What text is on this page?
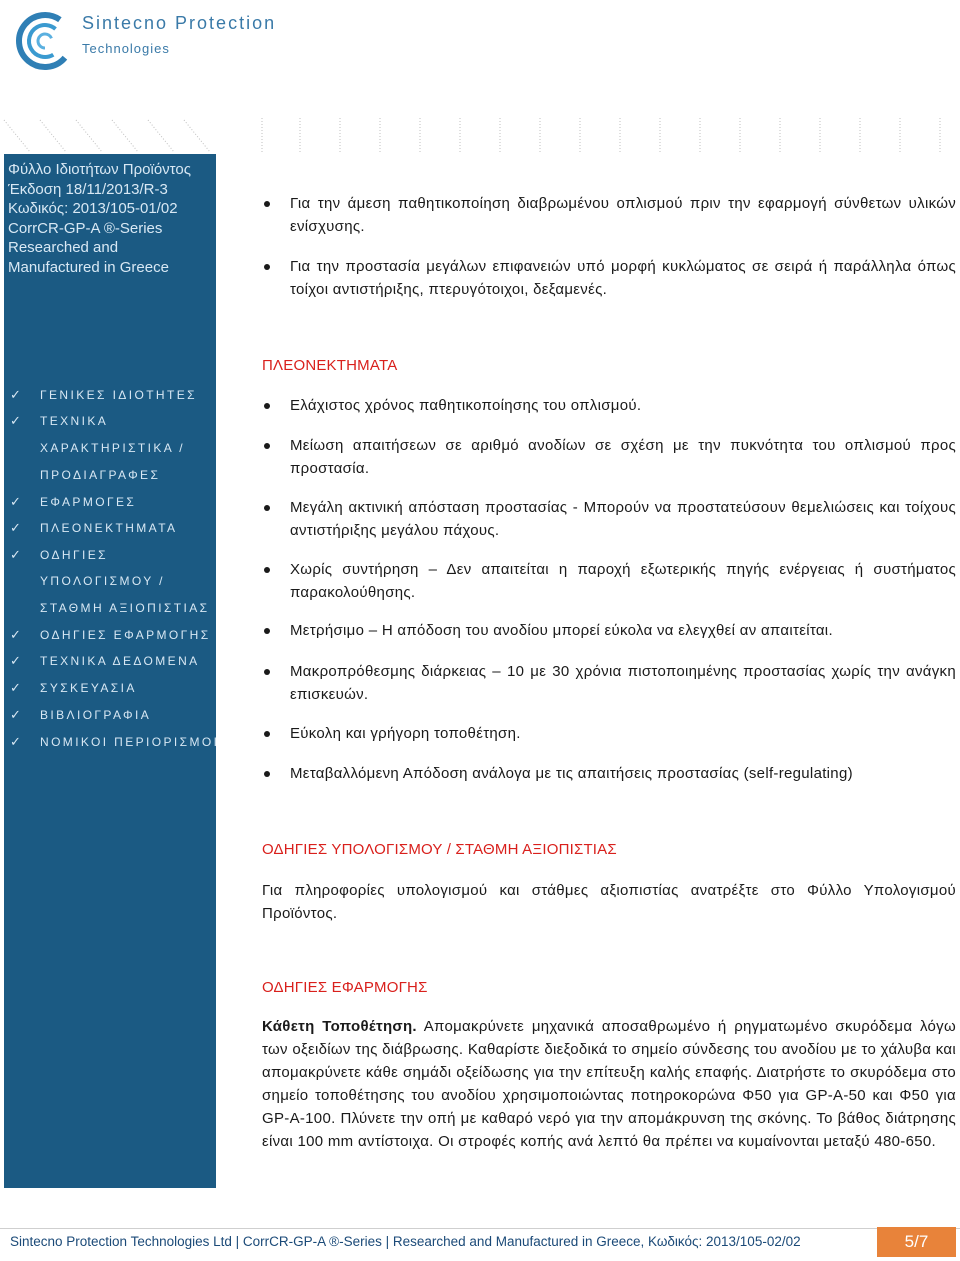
Sintecno Protection
Technologies
Φύλλο Ιδιοτήτων Προϊόντος
Έκδοση 18/11/2013/R-3
Κωδικός: 2013/105-01/02
CorrCR-GP-A ®-Series
Researched and
Manufactured in Greece
✓ ΓΕΝΙΚΕΣ ΙΔΙΟΤΗΤΕΣ
✓ ΤΕΧΝΙΚΑ
ΧΑΡΑΚΤΗΡΙΣΤΙΚΑ /
ΠΡΟΔΙΑΓΡΑΦΕΣ
✓ ΕΦΑΡΜΟΓΕΣ
✓ ΠΛΕΟΝΕΚΤΗΜΑΤΑ
✓ ΟΔΗΓΙΕΣ
ΥΠΟΛΟΓΙΣΜΟΥ /
ΣΤΑΘΜΗ ΑΞΙΟΠΙΣΤΙΑΣ
✓ ΟΔΗΓΙΕΣ ΕΦΑΡΜΟΓΗΣ
✓ ΤΕΧΝΙΚΑ ΔΕΔΟΜΕΝΑ
✓ ΣΥΣΚΕΥΑΣΙΑ
✓ ΒΙΒΛΙΟΓΡΑΦΙΑ
✓ ΝΟΜΙΚΟΙ ΠΕΡΙΟΡΙΣΜΟΙ
Για την άμεση παθητικοποίηση διαβρωμένου οπλισμού πριν την εφαρμογή σύνθετων υλικών ενίσχυσης.
Για την προστασία μεγάλων επιφανειών υπό μορφή κυκλώματος σε σειρά ή παράλληλα όπως τοίχοι αντιστήριξης, πτερυγότοιχοι, δεξαμενές.
ΠΛΕΟΝΕΚΤΗΜΑΤΑ
Ελάχιστος χρόνος παθητικοποίησης του οπλισμού.
Μείωση απαιτήσεων σε αριθμό ανοδίων σε σχέση με την πυκνότητα του οπλισμού προς προστασία.
Μεγάλη ακτινική απόσταση προστασίας - Μπορούν να προστατεύσουν θεμελιώσεις και τοίχους αντιστήριξης μεγάλου πάχους.
Χωρίς συντήρηση – Δεν απαιτείται η παροχή εξωτερικής πηγής ενέργειας ή συστήματος παρακολούθησης.
Μετρήσιμο – Η απόδοση του ανοδίου μπορεί εύκολα να ελεγχθεί αν απαιτείται.
Μακροπρόθεσμης διάρκειας – 10 με 30 χρόνια πιστοποιημένης προστασίας χωρίς την ανάγκη επισκευών.
Εύκολη και γρήγορη τοποθέτηση.
Μεταβαλλόμενη Απόδοση ανάλογα με τις απαιτήσεις προστασίας (self-regulating)
ΟΔΗΓΙΕΣ ΥΠΟΛΟΓΙΣΜΟΥ / ΣΤΑΘΜΗ ΑΞΙΟΠΙΣΤΙΑΣ
Για πληροφορίες υπολογισμού και στάθμες αξιοπιστίας ανατρέξτε στο Φύλλο Υπολογισμού Προϊόντος.
ΟΔΗΓΙΕΣ ΕΦΑΡΜΟΓΗΣ
Κάθετη Τοποθέτηση. Απομακρύνετε μηχανικά αποσαθρωμένο ή ρηγματωμένο σκυρόδεμα λόγω των οξειδίων της διάβρωσης. Καθαρίστε διεξοδικά το σημείο σύνδεσης του ανοδίου με το χάλυβα και απομακρύνετε κάθε σημάδι οξείδωσης για την επίτευξη καλής επαφής. Διατρήστε το σκυρόδεμα στο σημείο τοποθέτησης του ανοδίου χρησιμοποιώντας ποτηροκορώνα Φ50 για GP-A-50 και Φ50 για GP-A-100. Πλύνετε την οπή με καθαρό νερό για την απομάκρυνση της σκόνης. Το βάθος διάτρησης είναι 100 mm αντίστοιχα. Οι στροφές κοπής ανά λεπτό θα πρέπει να κυμαίνονται μεταξύ 480-650.
Sintecno Protection Technologies Ltd | CorrCR-GP-A ®-Series | Researched and Manufactured in Greece, Κωδικός: 2013/105-02/02	5/7
